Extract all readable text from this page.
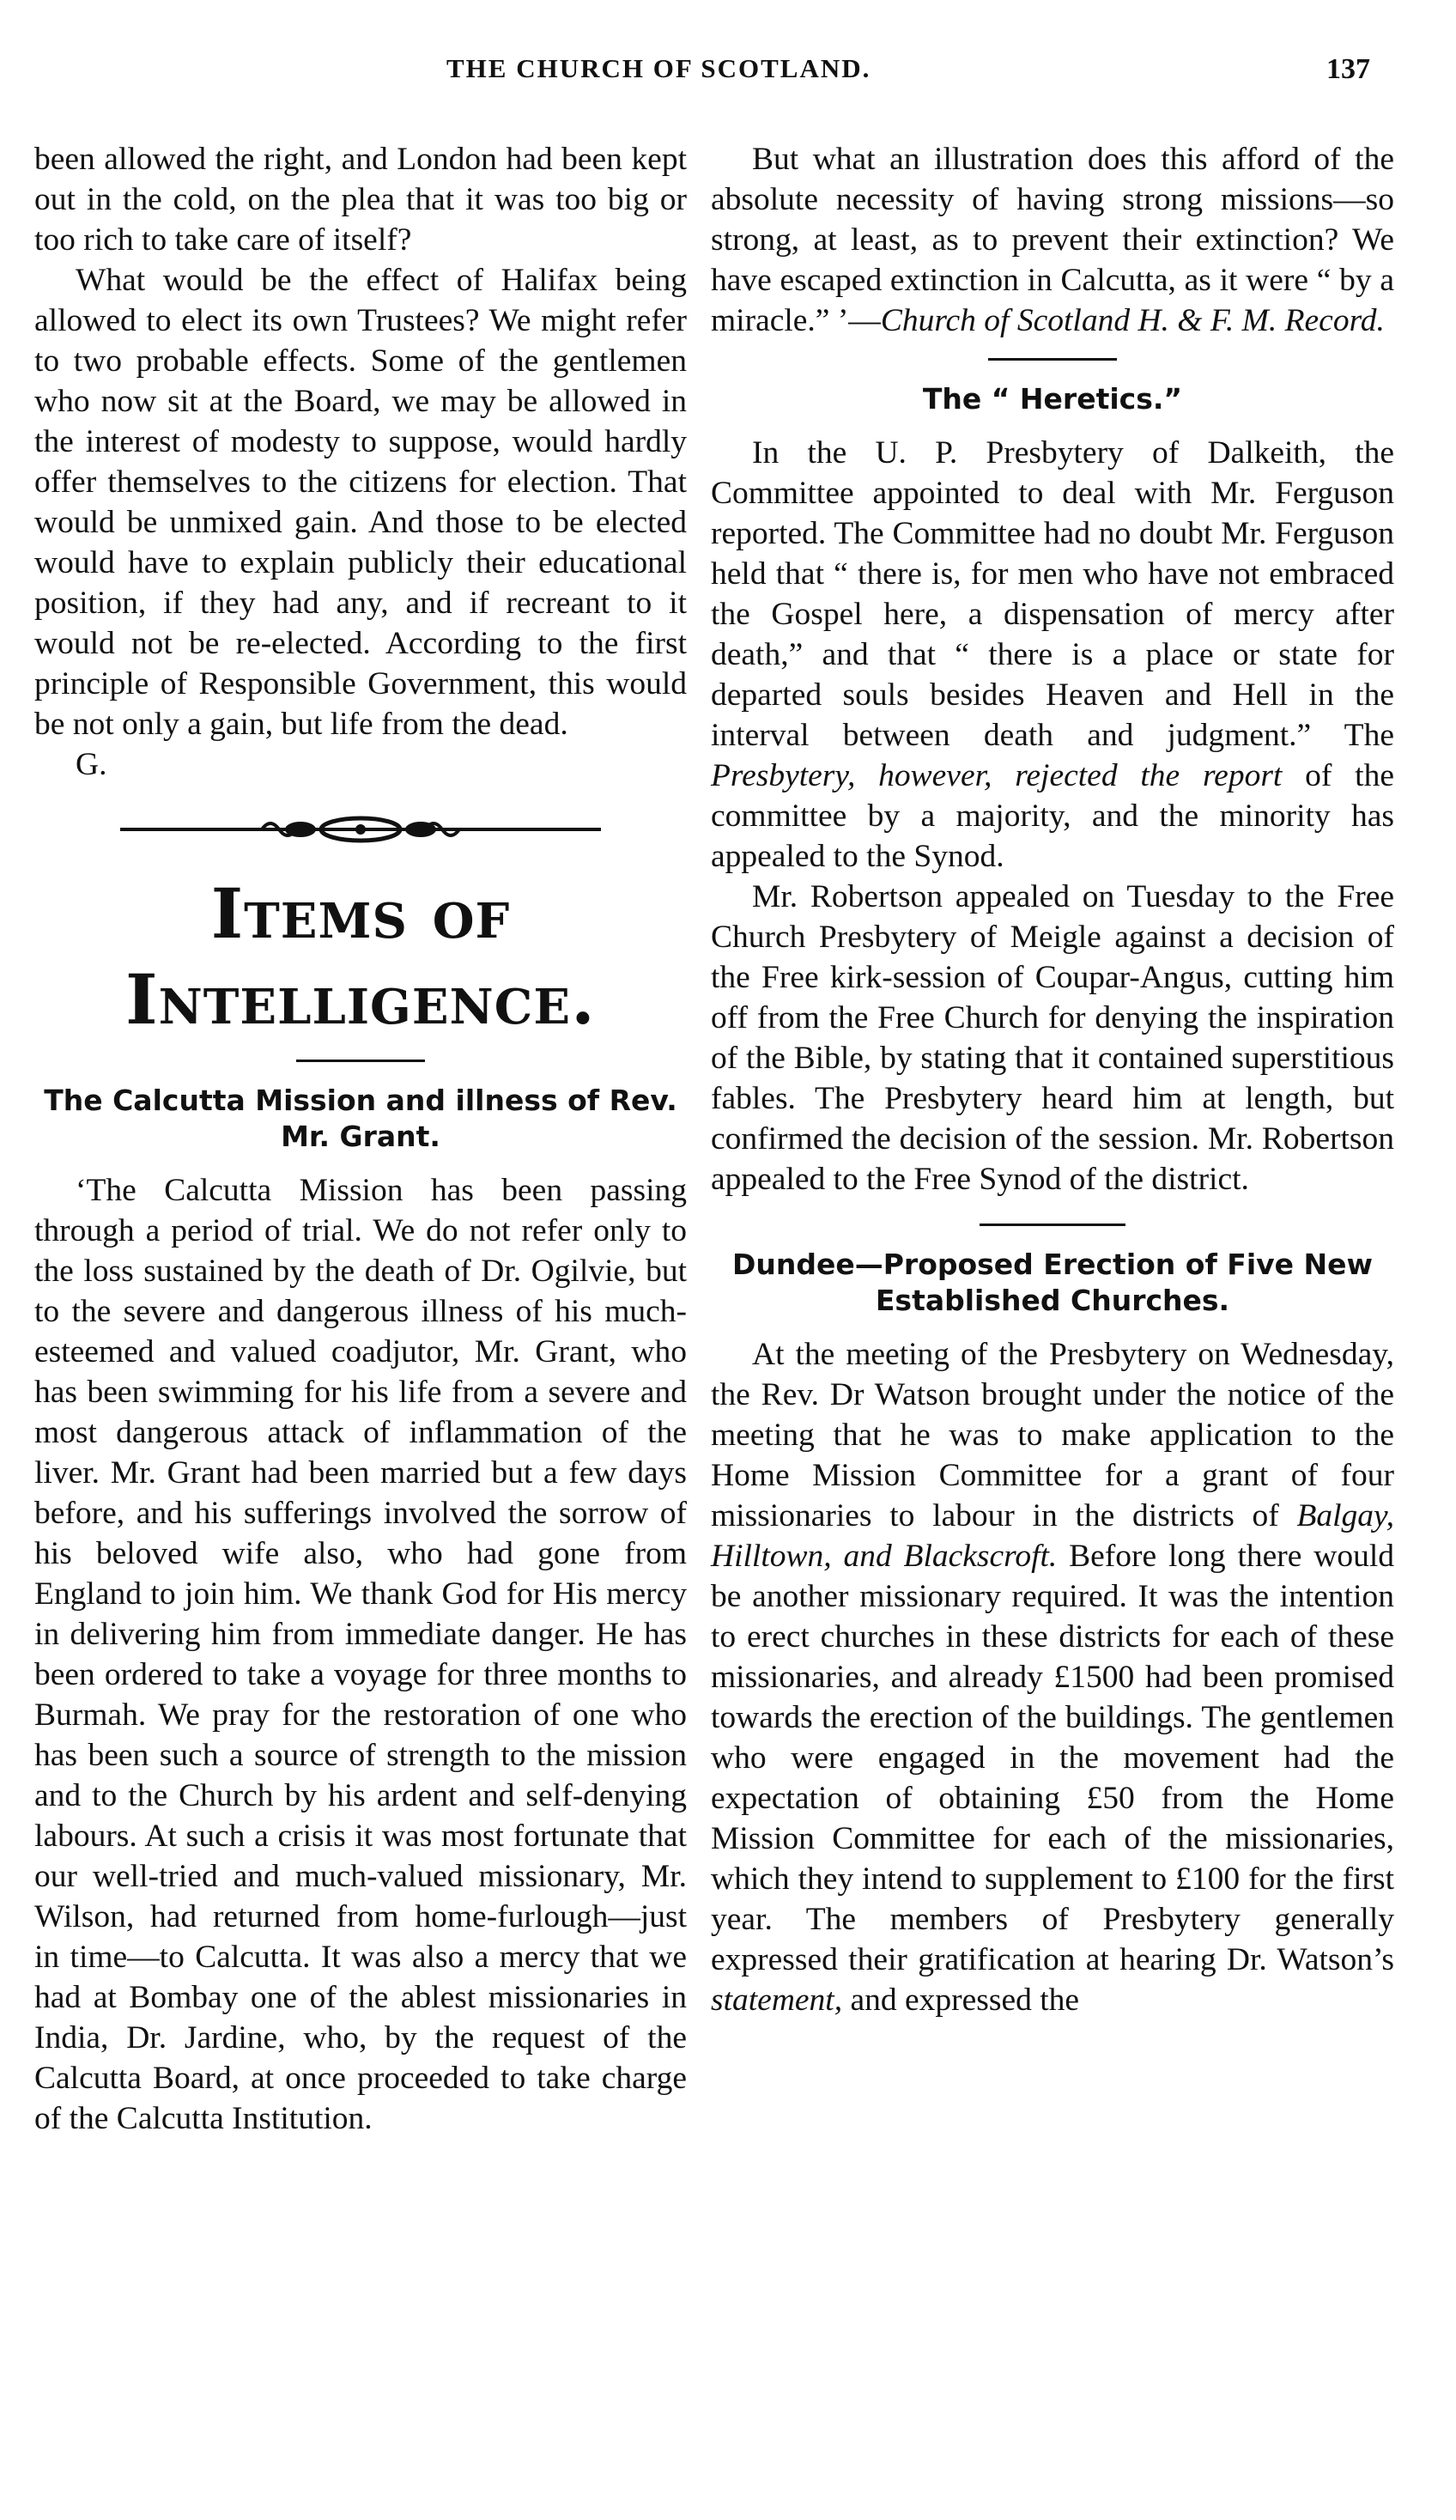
THE CHURCH OF SCOTLAND.	137

been allowed the right, and London had been kept out in the cold, on the plea that it was too big or too rich to take care of itself?

What would be the effect of Halifax being allowed to elect its own Trustees? We might refer to two probable effects. Some of the gentlemen who now sit at the Board, we may be allowed in the interest of modesty to suppose, would hardly offer themselves to the citizens for election. That would be unmixed gain. And those to be elected would have to explain publicly their educational position, if they had any, and if recreant to it would not be re-elected. According to the first principle of Responsible Government, this would be not only a gain, but life from the dead.

G.

Items of Intelligence.
The Calcutta Mission and illness of Rev. Mr. Grant.

‘The Calcutta Mission has been passing through a period of trial. We do not refer only to the loss sustained by the death of Dr. Ogilvie, but to the severe and dangerous illness of his much-esteemed and valued coadjutor, Mr. Grant, who has been swimming for his life from a severe and most dangerous attack of inflammation of the liver. Mr. Grant had been married but a few days before, and his sufferings involved the sorrow of his beloved wife also, who had gone from England to join him. We thank God for His mercy in delivering him from immediate danger. He has been ordered to take a voyage for three months to Burmah. We pray for the restoration of one who has been such a source of strength to the mission and to the Church by his ardent and self-denying labours. At such a crisis it was most fortunate that our well-tried and much-valued missionary, Mr. Wilson, had returned from home-furlough—just in time—to Calcutta. It was also a mercy that we had at Bombay one of the ablest missionaries in India, Dr. Jardine, who, by the request of the Calcutta Board, at once proceeded to take charge of the Calcutta Institution.

But what an illustration does this afford of the absolute necessity of having strong missions—so strong, at least, as to prevent their extinction? We have escaped extinction in Calcutta, as it were “ by a miracle.” ’—Church of Scotland H. & F. M. Record.

The “ Heretics.”

In the U. P. Presbytery of Dalkeith, the Committee appointed to deal with Mr. Ferguson reported. The Committee had no doubt Mr. Ferguson held that “ there is, for men who have not embraced the Gospel here, a dispensation of mercy after death,” and that “ there is a place or state for departed souls besides Heaven and Hell in the interval between death and judgment.” The Presbytery, however, rejected the report of the committee by a majority, and the minority has appealed to the Synod.

Mr. Robertson appealed on Tuesday to the Free Church Presbytery of Meigle against a decision of the Free kirk-session of Coupar-Angus, cutting him off from the Free Church for denying the inspiration of the Bible, by stating that it contained superstitious fables. The Presbytery heard him at length, but confirmed the decision of the session. Mr. Robertson appealed to the Free Synod of the district.

Dundee—Proposed Erection of Five New Established Churches.

At the meeting of the Presbytery on Wednesday, the Rev. Dr Watson brought under the notice of the meeting that he was to make application to the Home Mission Committee for a grant of four missionaries to labour in the districts of Balgay, Hilltown, and Blackscroft. Before long there would be another missionary required. It was the intention to erect churches in these districts for each of these missionaries, and already £1500 had been promised towards the erection of the buildings. The gentlemen who were engaged in the movement had the expectation of obtaining £50 from the Home Mission Committee for each of the missionaries, which they intend to supplement to £100 for the first year. The members of Presbytery generally expressed their gratification at hearing Dr. Watson’s statement, and expressed the
